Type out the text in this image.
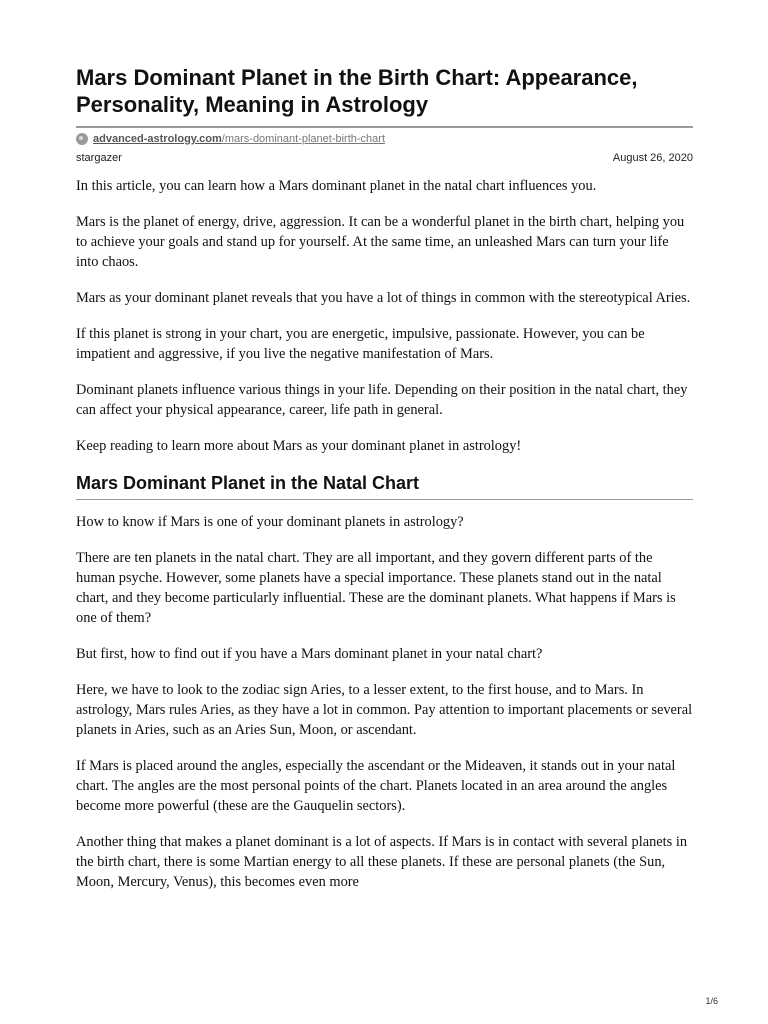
Mars Dominant Planet in the Birth Chart: Appearance, Personality, Meaning in Astrology
advanced-astrology.com/mars-dominant-planet-birth-chart
stargazer	August 26, 2020

In this article, you can learn how a Mars dominant planet in the natal chart influences you.

Mars is the planet of energy, drive, aggression. It can be a wonderful planet in the birth chart, helping you to achieve your goals and stand up for yourself. At the same time, an unleashed Mars can turn your life into chaos.

Mars as your dominant planet reveals that you have a lot of things in common with the stereotypical Aries.

If this planet is strong in your chart, you are energetic, impulsive, passionate. However, you can be impatient and aggressive, if you live the negative manifestation of Mars.

Dominant planets influence various things in your life. Depending on their position in the natal chart, they can affect your physical appearance, career, life path in general.

Keep reading to learn more about Mars as your dominant planet in astrology!

Mars Dominant Planet in the Natal Chart

How to know if Mars is one of your dominant planets in astrology?

There are ten planets in the natal chart. They are all important, and they govern different parts of the human psyche. However, some planets have a special importance. These planets stand out in the natal chart, and they become particularly influential. These are the dominant planets. What happens if Mars is one of them?

But first, how to find out if you have a Mars dominant planet in your natal chart?

Here, we have to look to the zodiac sign Aries, to a lesser extent, to the first house, and to Mars. In astrology, Mars rules Aries, as they have a lot in common. Pay attention to important placements or several planets in Aries, such as an Aries Sun, Moon, or ascendant.

If Mars is placed around the angles, especially the ascendant or the Mideaven, it stands out in your natal chart. The angles are the most personal points of the chart. Planets located in an area around the angles become more powerful (these are the Gauquelin sectors).

Another thing that makes a planet dominant is a lot of aspects. If Mars is in contact with several planets in the birth chart, there is some Martian energy to all these planets. If these are personal planets (the Sun, Moon, Mercury, Venus), this becomes even more

1/6
